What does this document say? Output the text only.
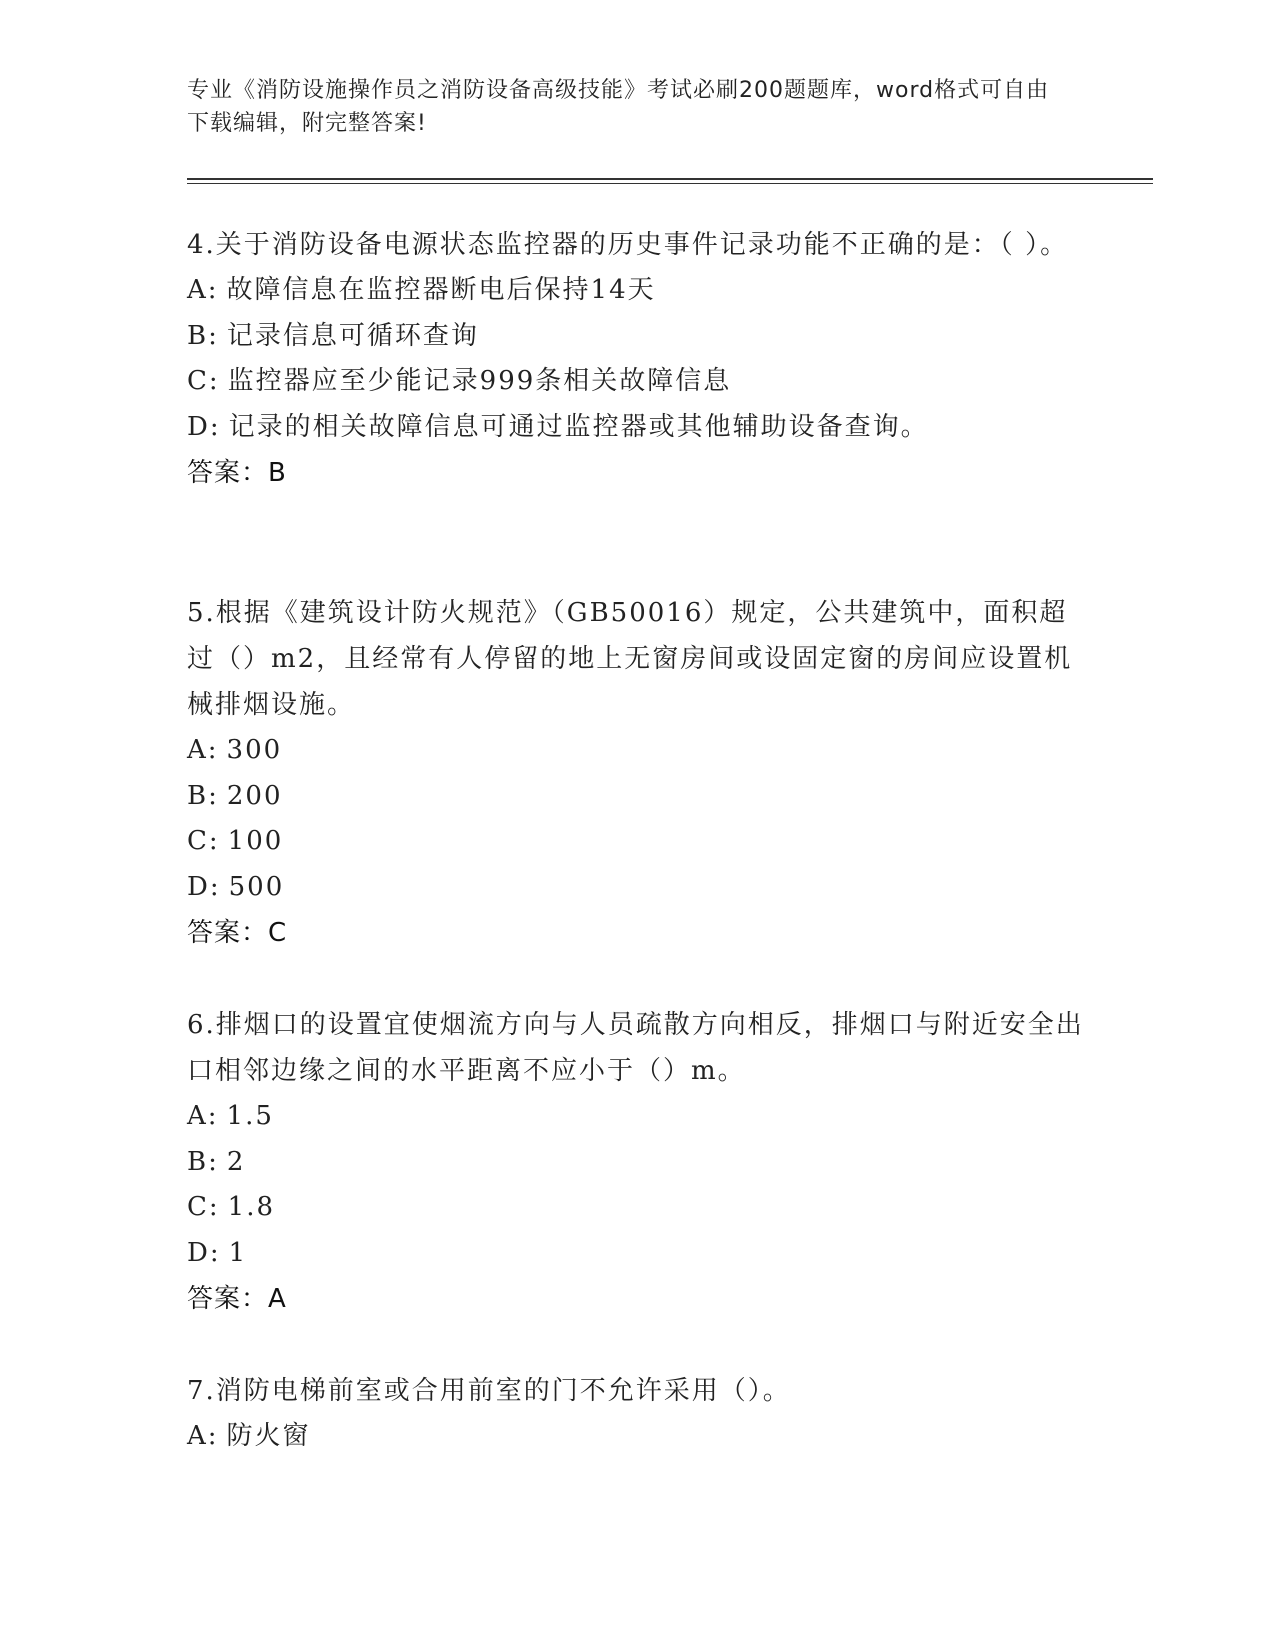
专业《消防设施操作员之消防设备高级技能》考试必刷200题题库，word格式可自由下载编辑，附完整答案!

4.关于消防设备电源状态监控器的历史事件记录功能不正确的是：（ ）。

A: 故障信息在监控器断电后保持14天

B: 记录信息可循环查询

C: 监控器应至少能记录999条相关故障信息

D: 记录的相关故障信息可通过监控器或其他辅助设备查询。

答案：B

5.根据《建筑设计防火规范》（GB50016）规定，公共建筑中，面积超过（）m2，且经常有人停留的地上无窗房间或设固定窗的房间应设置机械排烟设施。

A: 300

B: 200

C: 100

D: 500

答案：C

6.排烟口的设置宜使烟流方向与人员疏散方向相反，排烟口与附近安全出口相邻边缘之间的水平距离不应小于（）m。

A: 1.5

B: 2

C: 1.8

D: 1

答案：A

7.消防电梯前室或合用前室的门不允许采用（）。

A: 防火窗
